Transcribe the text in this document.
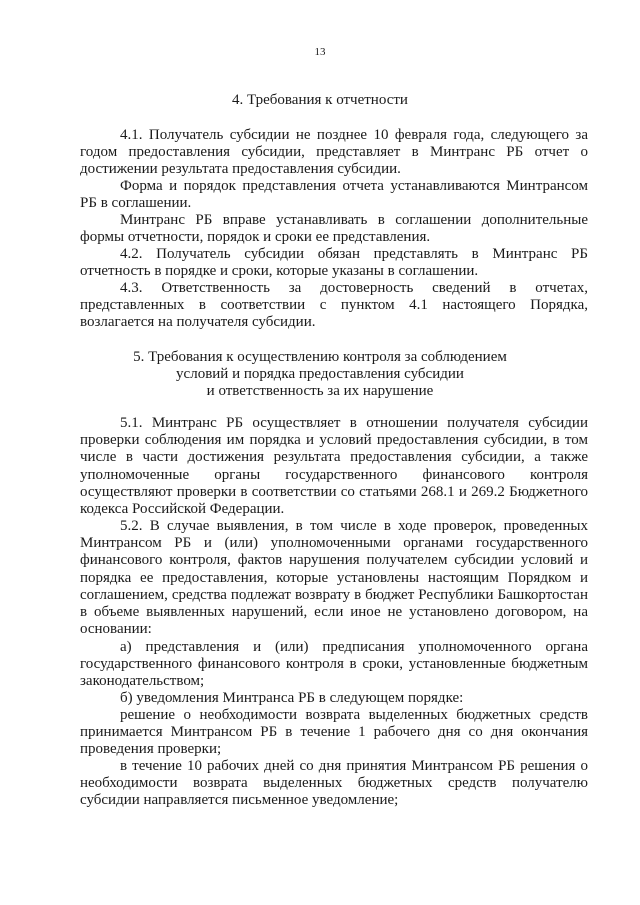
13
4. Требования к отчетности
4.1. Получатель субсидии не позднее 10 февраля года, следующего за годом предоставления субсидии, представляет в Минтранс РБ отчет о достижении результата предоставления субсидии.
Форма и порядок представления отчета устанавливаются Минтрансом РБ в соглашении.
Минтранс РБ вправе устанавливать в соглашении дополнительные формы отчетности, порядок и сроки ее представления.
4.2. Получатель субсидии обязан представлять в Минтранс РБ отчетность в порядке и сроки, которые указаны в соглашении.
4.3. Ответственность за достоверность сведений в отчетах, представленных в соответствии с пунктом 4.1 настоящего Порядка, возлагается на получателя субсидии.
5. Требования к осуществлению контроля за соблюдением
условий и порядка предоставления субсидии
и ответственность за их нарушение
5.1. Минтранс РБ осуществляет в отношении получателя субсидии проверки соблюдения им порядка и условий предоставления субсидии, в том числе в части достижения результата предоставления субсидии, а также уполномоченные органы государственного финансового контроля осуществляют проверки в соответствии со статьями 268.1 и 269.2 Бюджетного кодекса Российской Федерации.
5.2. В случае выявления, в том числе в ходе проверок, проведенных Минтрансом РБ и (или) уполномоченными органами государственного финансового контроля, фактов нарушения получателем субсидии условий и порядка ее предоставления, которые установлены настоящим Порядком и соглашением, средства подлежат возврату в бюджет Республики Башкортостан в объеме выявленных нарушений, если иное не установлено договором, на основании:
а) представления и (или) предписания уполномоченного органа государственного финансового контроля в сроки, установленные бюджетным законодательством;
б) уведомления Минтранса РБ в следующем порядке:
решение о необходимости возврата выделенных бюджетных средств принимается Минтрансом РБ в течение 1 рабочего дня со дня окончания проведения проверки;
в течение 10 рабочих дней со дня принятия Минтрансом РБ решения о необходимости возврата выделенных бюджетных средств получателю субсидии направляется письменное уведомление;
